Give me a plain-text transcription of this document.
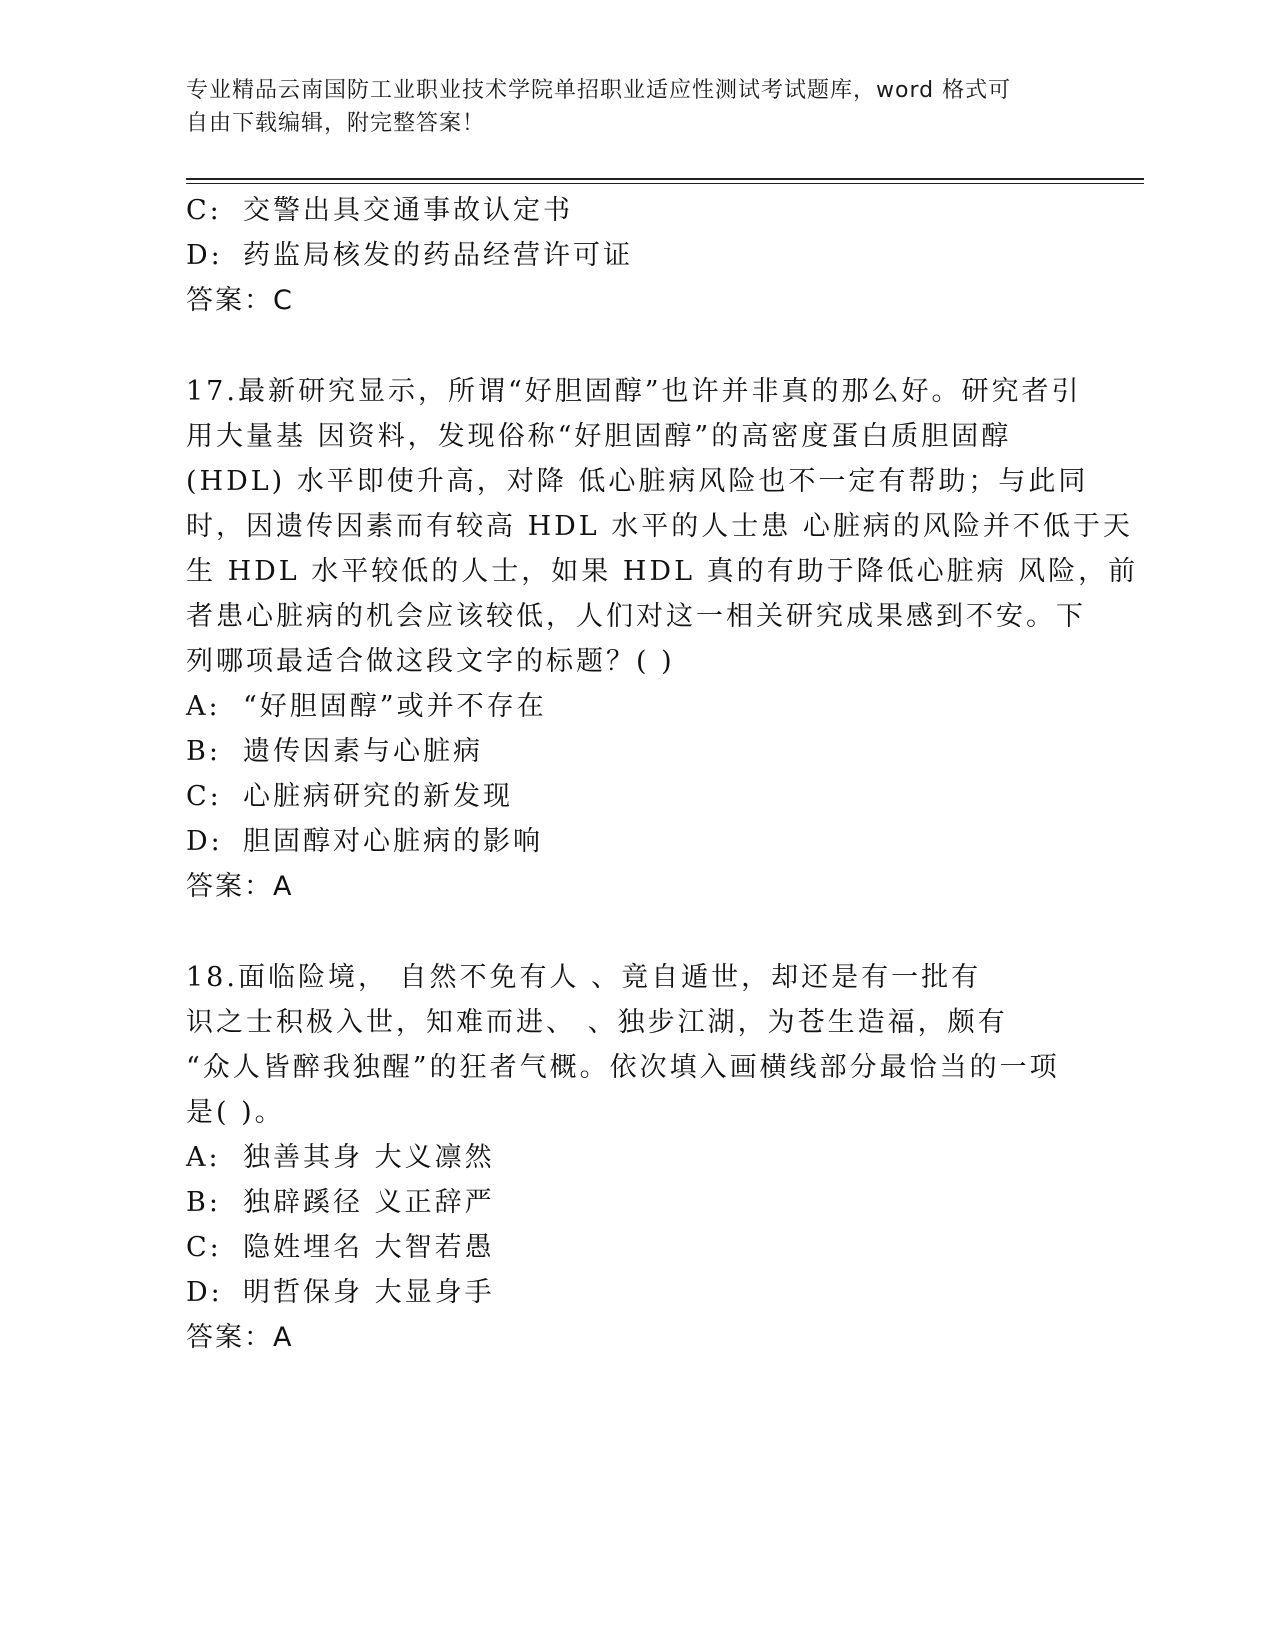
专业精品云南国防工业职业技术学院单招职业适应性测试考试题库，word 格式可
自由下载编辑，附完整答案！
C: 交警出具交通事故认定书
D: 药监局核发的药品经营许可证
答案：C
17.最新研究显示，所谓“好胆固醇”也许并非真的那么好。研究者引
用大量基 因资料，发现俗称“好胆固醇”的高密度蛋白质胆固醇
(HDL) 水平即使升高，对降 低心脏病风险也不一定有帮助；与此同
时，因遗传因素而有较高 HDL 水平的人士患 心脏病的风险并不低于天
生 HDL 水平较低的人士，如果 HDL 真的有助于降低心脏病 风险，前
者患心脏病的机会应该较低，人们对这一相关研究成果感到不安。下
列哪项最适合做这段文字的标题？( )
A: “好胆固醇”或并不存在
B: 遗传因素与心脏病
C: 心脏病研究的新发现
D: 胆固醇对心脏病的影响
答案：A
18.面临险境， 自然不免有人 、竟自遁世，却还是有一批有
识之士积极入世，知难而进、 、独步江湖，为苍生造福，颇有
“众人皆醉我独醒”的狂者气概。依次填入画横线部分最恰当的一项
是( )。
A: 独善其身 大义凛然
B: 独辟蹊径 义正辞严
C: 隐姓埋名 大智若愚
D: 明哲保身 大显身手
答案：A
